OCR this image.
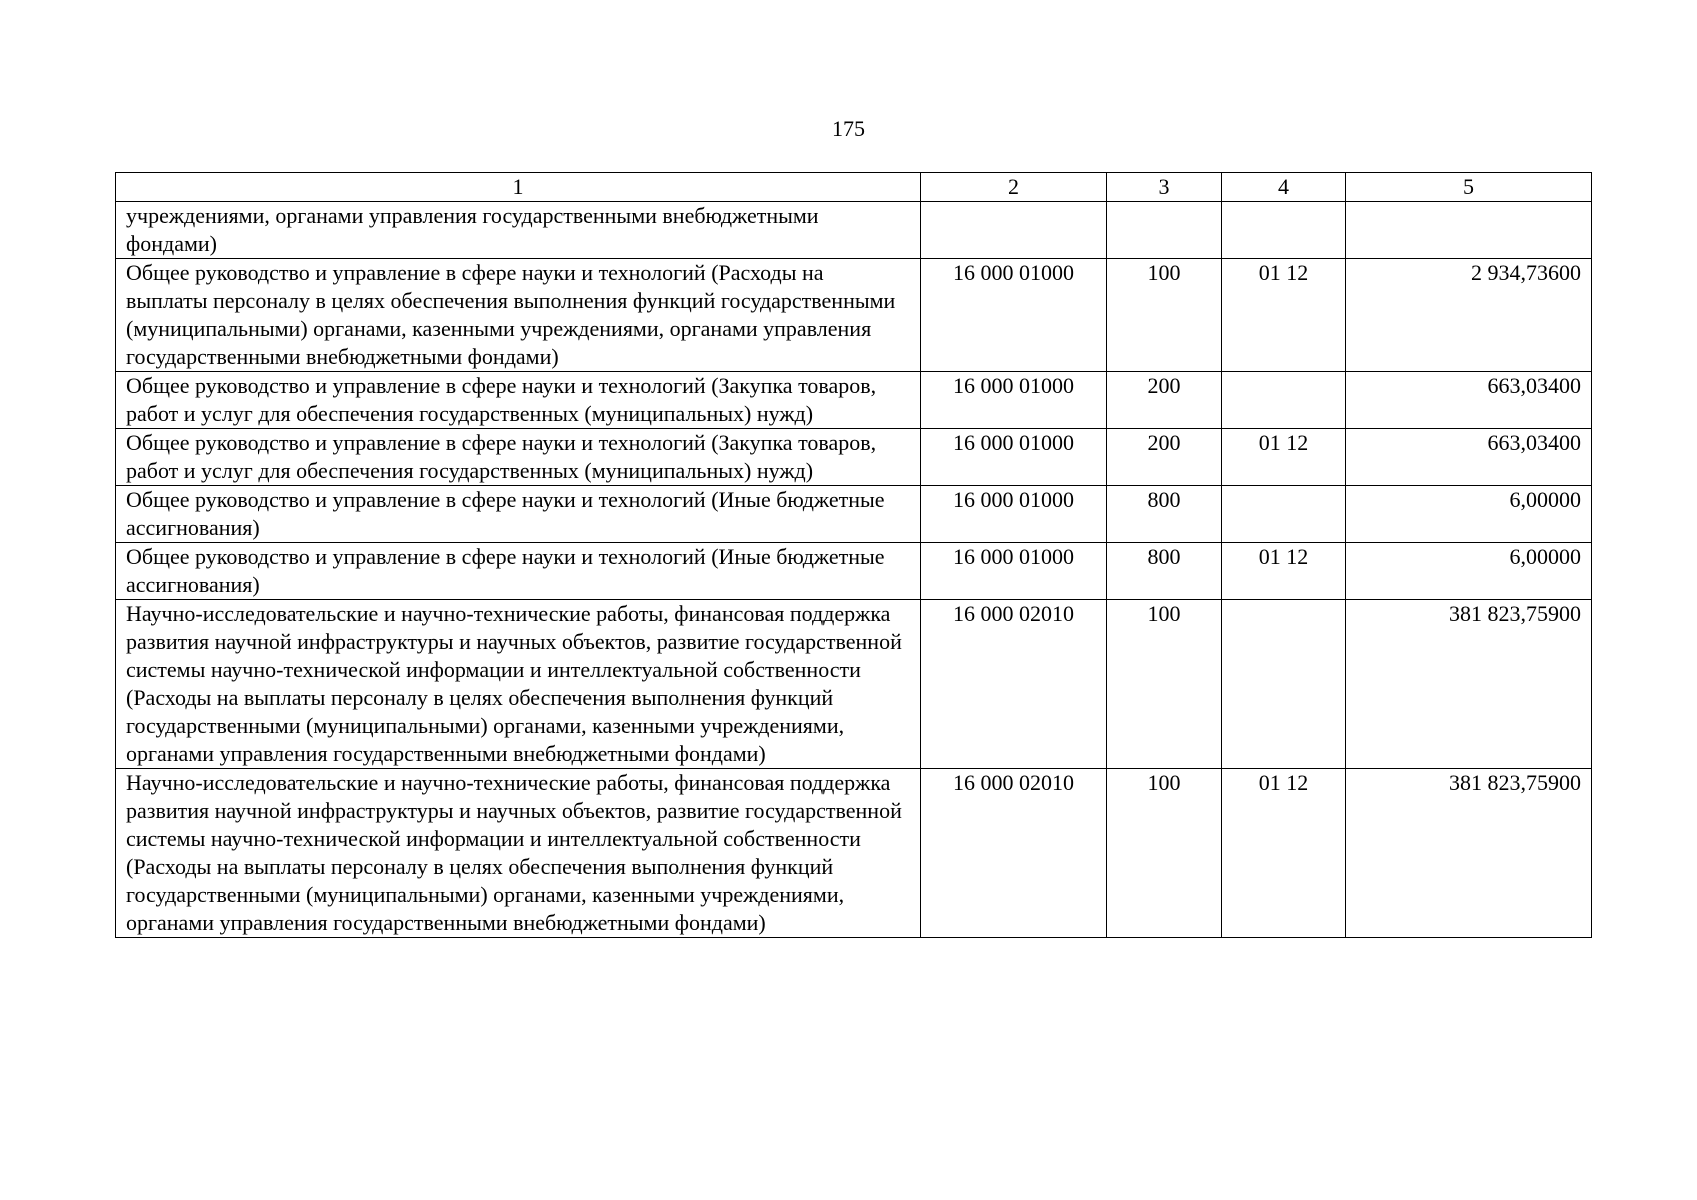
175
1	2	3	4	5
учреждениями, органами управления государственными внебюджетными фондами)				
Общее руководство и управление в сфере науки и технологий (Расходы на выплаты персоналу в целях обеспечения выполнения функций государственными (муниципальными) органами, казенными учреждениями, органами управления государственными внебюджетными фондами)	16 000 01000	100	01 12	2 934,73600
Общее руководство и управление в сфере науки и технологий (Закупка товаров, работ и услуг для обеспечения государственных (муниципальных) нужд)	16 000 01000	200		663,03400
Общее руководство и управление в сфере науки и технологий (Закупка товаров, работ и услуг для обеспечения государственных (муниципальных) нужд)	16 000 01000	200	01 12	663,03400
Общее руководство и управление в сфере науки и технологий (Иные бюджетные ассигнования)	16 000 01000	800		6,00000
Общее руководство и управление в сфере науки и технологий (Иные бюджетные ассигнования)	16 000 01000	800	01 12	6,00000
Научно-исследовательские и научно-технические работы, финансовая поддержка развития научной инфраструктуры и научных объектов, развитие государственной системы научно-технической информации и интеллектуальной собственности (Расходы на выплаты персоналу в целях обеспечения выполнения функций государственными (муниципальными) органами, казенными учреждениями, органами управления государственными внебюджетными фондами)	16 000 02010	100		381 823,75900
Научно-исследовательские и научно-технические работы, финансовая поддержка развития научной инфраструктуры и научных объектов, развитие государственной системы научно-технической информации и интеллектуальной собственности (Расходы на выплаты персоналу в целях обеспечения выполнения функций государственными (муниципальными) органами, казенными учреждениями, органами управления государственными внебюджетными фондами)	16 000 02010	100	01 12	381 823,75900
